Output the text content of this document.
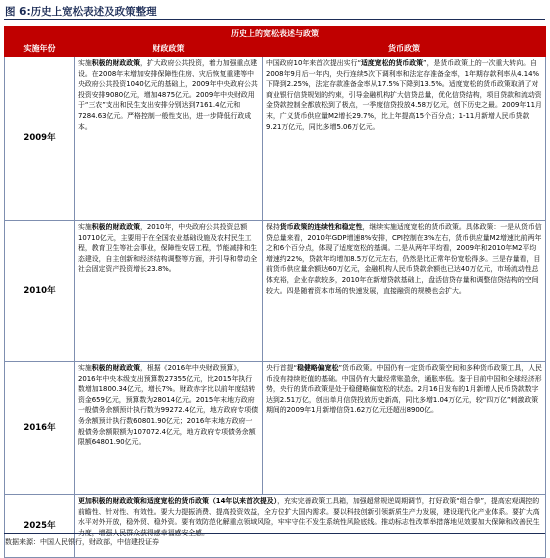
图 6:历史上宽松表述及政策整理
历史上的宽松表述与政策		
实施年份	财政政策	货币政策
2009年	实施积极的财政政策，扩大政府公共投资，着力加强重点建设。在2008年末增加安排保障性住房、灾后恢复重建等中央政府公共投资1040亿元的基础上，2009年中央政府公共投资安排9080亿元，增加4875亿元。2009年中央财政用于“三农”支出和民生支出安排分别达到7161.4亿元和7284.63亿元。严格控制一般性支出，进一步降低行政成本。	中国政府10年来首次提出实行“适度宽松的货币政策”，是货币政策上的一次重大转向。自2008年9月后一年内，央行连续5次下调利率和法定存准备金率，1年期存款利率从4.14%下降到2.25%，法定存款准备金率从17.5%下降到13.5%。适度宽松的货币政策取消了对商业银行信贷规划的约束，引导金融机构扩大信贷总量，优化信贷结构，项目贷款和流动资金贷款控制全都放松到了极点，一季度信贷投放4.58万亿元，创下历史之最。2009年11月末，广义货币供应量M2增长29.7%，比上年提高15个百分点；1-11月新增人民币贷款9.21万亿元，同比多增5.06万亿元。

2010年	实施积极的财政政策，2010年，中央政府公共投资总额10710亿元，主要用于在全国农业基础设施及农村民生工程，教育卫生等社会事业，保障性安居工程，节能减排和生态建设，自主创新和经济结构调整等方面，并引导和带动全社会固定资产投资增长23.8%。	保持货币政策的连续性和稳定性，继续实施适度宽松的货币政策。具体政策：一是从货币信贷总量来看，2010年GDP增速8%安排，CPI控制在3%左右，货币供应量M2增速比前两年之和6个百分点，体现了适度宽松的基调。二是从两年平均看，2009年和2010年M2平均增速约22%，贷款年均增加8.5万亿元左右，仍然是比正常年份宽松得多。三是存量看，目前货币供应量余额达60万亿元，金融机构人民币贷款余额也已达40万亿元，市场流动性总体充裕，企业存款较多，2010年在新增贷款基础上，盘活信贷存量和调整信贷结构的空间较大。四是随着资本市场的快速发展，直接融资的规模也会扩大。

2016年	实施积极的财政政策，根据《2016年中央财政预算》，2016年中央本级支出预算数27355亿元，比2015年执行数增加1800.34亿元，增长7%。财政赤字比以前年度结转资金659亿元，预算数为28014亿元。2015年末地方政府一般债务余额预计执行数为99272.4亿元，地方政府专项债务余额预计执行数60801.90亿元；2016年末地方政府一般债务余额限额为107072.4亿元，地方政府专项债务余额限额64801.90亿元。	央行首提“稳健略偏宽松”货币政策。中国仍有一定货币政策空间和多种货币政策工具，人民币没有持续贬值的基础。中国仍有大量经常账盈余，通胀率低。鉴于目前中国和全球经济形势，央行的货币政策是处于稳健略偏宽松的状态。2月16日发布的1月新增人民币贷款数字达到2.51万亿，创出单月信贷投放历史新高，同比多增1.04万亿元，较“四万亿”刺激政策期间的2009年1月新增信贷1.62万亿元还超出8900亿。

2025年	更加积极的财政政策和适度宽松的货币政策（14年以来首次提及），充实完善政策工具箱，加强超常规逆周期调节，打好政策“组合拳”，提高宏观调控的前瞻性、针对性、有效性。要大力提振消费、提高投资效益，全方位扩大国内需求。要以科技创新引领新质生产力发展，建设现代化产业体系。要扩大高水平对外开放，稳外贸、稳外资。要有效防范化解重点领域风险，牢牢守住不发生系统性风险底线。推动标志性改革举措落地见效要加大保障和改善民生力度，增强人民群众获得感幸福感安全感。	

数据来源：中国人民银行，财政部，中信建投证券
